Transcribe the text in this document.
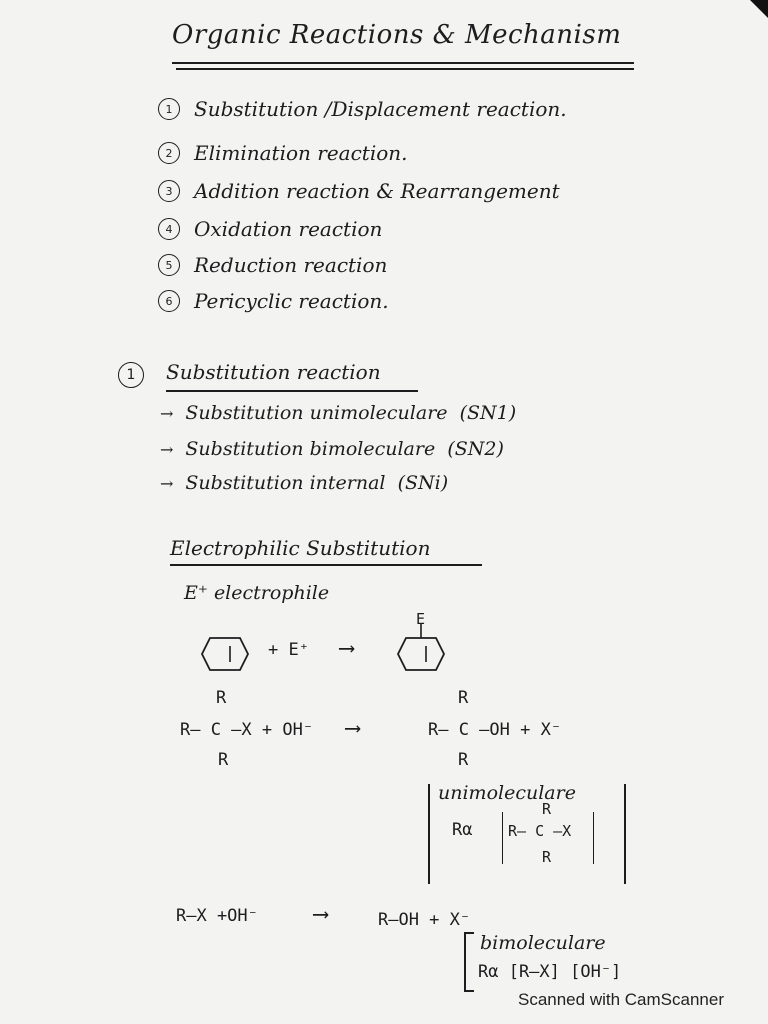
Organic Reactions & Mechanism
1	Substitution /Displacement reaction.
2	Elimination reaction.
3	Addition reaction & Rearrangement
4	Oxidation reaction
5	Reduction reaction
6	Pericyclic reaction.
1	Substitution reaction
→ Substitution unimoleculare (SN1)
→ Substitution bimoleculare (SN2)
→ Substitution internal (SNi)
Electrophilic Substitution
E⁺ electrophile
+ E⁺ ⟶
E
R
R— C —X + OH⁻
R
⟶
R
R— C —OH + X⁻
R
unimoleculare
Rα
R
R— C —X
R
R—X +OH⁻	⟶	R—OH + X⁻
bimoleculare
Rα [R—X] [OH⁻]
Scanned with CamScanner
